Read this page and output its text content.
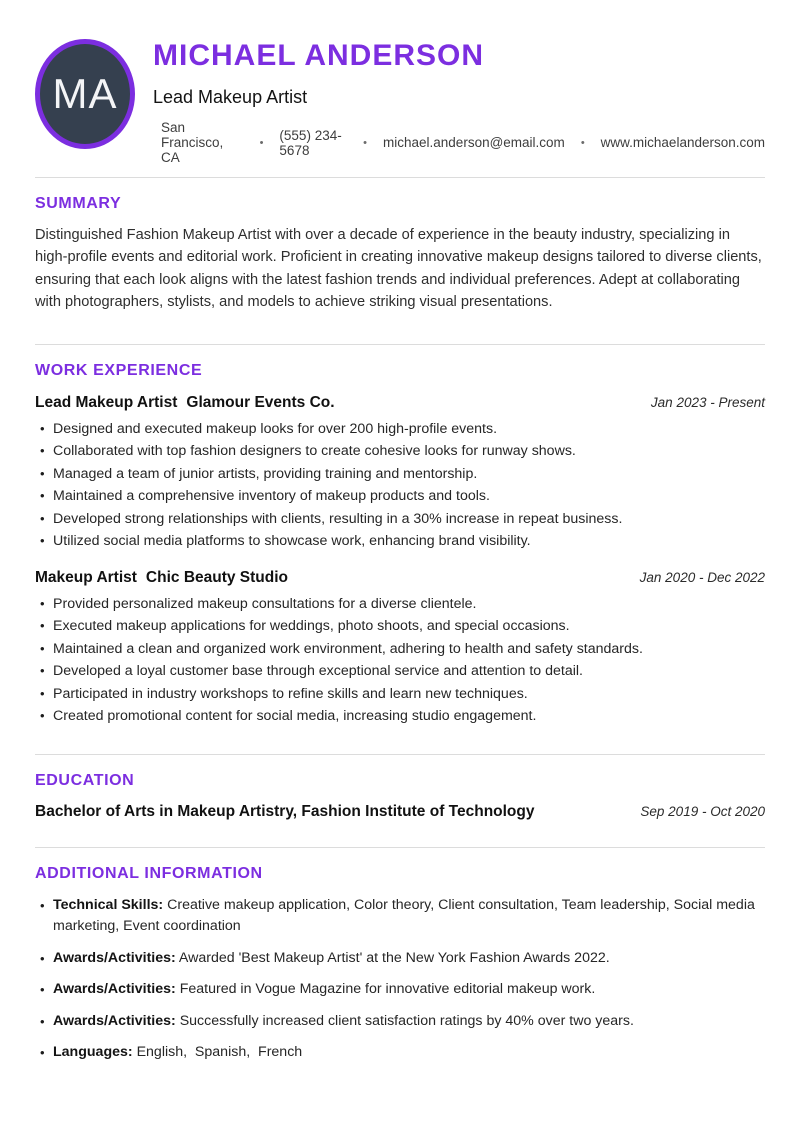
MA
MICHAEL ANDERSON
Lead Makeup Artist
San Francisco, CA
• (555) 234-5678	• michael.anderson@email.com • www.michaelanderson.com
SUMMARY

Distinguished Fashion Makeup Artist with over a decade of experience in the beauty industry, specializing in high-profile events and editorial work. Proficient in creating innovative makeup designs tailored to diverse clients, ensuring that each look aligns with the latest fashion trends and individual preferences. Adept at collaborating with photographers, stylists, and models to achieve striking visual presentations.

WORK EXPERIENCE
Lead Makeup Artist Glamour Events Co.	Jan 2023 - Present
• Designed and executed makeup looks for over 200 high-profile events.
• Collaborated with top fashion designers to create cohesive looks for runway shows.
• Managed a team of junior artists, providing training and mentorship.
• Maintained a comprehensive inventory of makeup products and tools.
• Developed strong relationships with clients, resulting in a 30% increase in repeat business.
• Utilized social media platforms to showcase work, enhancing brand visibility.
Makeup Artist Chic Beauty Studio	Jan 2020 - Dec 2022
• Provided personalized makeup consultations for a diverse clientele.
• Executed makeup applications for weddings, photo shoots, and special occasions.
• Maintained a clean and organized work environment, adhering to health and safety standards.
• Developed a loyal customer base through exceptional service and attention to detail.
• Participated in industry workshops to refine skills and learn new techniques.
• Created promotional content for social media, increasing studio engagement.
EDUCATION
Bachelor of Arts in Makeup Artistry, Fashion Institute of Technology	Sep 2019 - Oct 2020
ADDITIONAL INFORMATION
• Technical Skills: Creative makeup application, Color theory, Client consultation, Team leadership, Social media marketing, Event coordination
• Awards/Activities: Awarded 'Best Makeup Artist' at the New York Fashion Awards 2022.
• Awards/Activities: Featured in Vogue Magazine for innovative editorial makeup work.
• Awards/Activities: Successfully increased client satisfaction ratings by 40% over two years.
• Languages: English,  Spanish,  French
